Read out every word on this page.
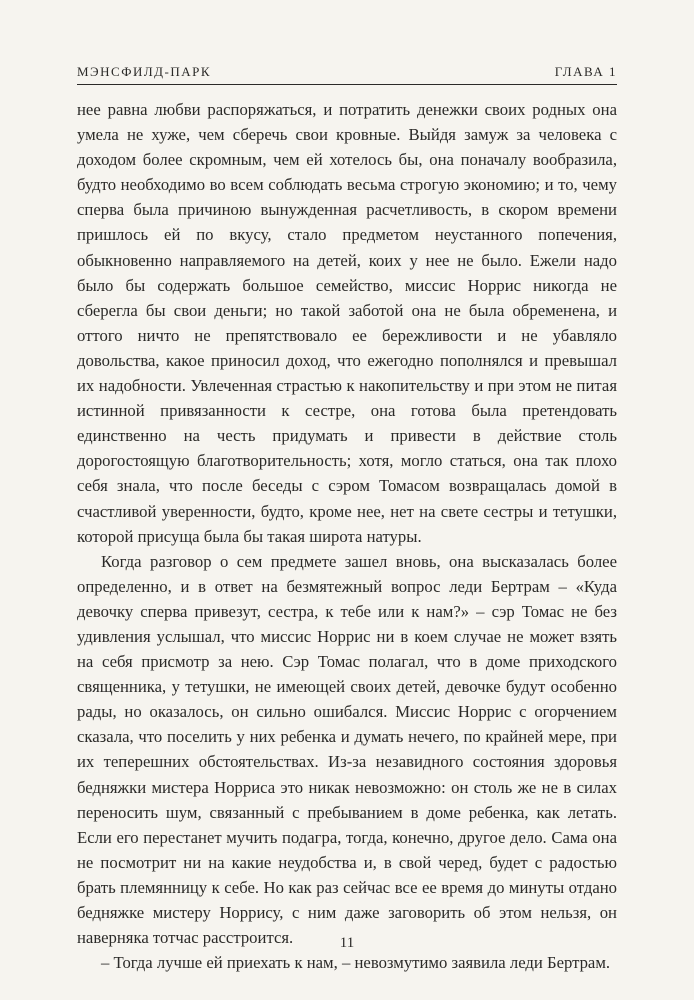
МЭНСФИЛД-ПАРК	ГЛАВА 1

нее равна любви распоряжаться, и потратить денежки своих родных она умела не хуже, чем сберечь свои кровные. Выйдя замуж за человека с доходом более скромным, чем ей хотелось бы, она поначалу вообразила, будто необходимо во всем соблюдать весьма строгую экономию; и то, чему сперва была причиною вынужденная расчетливость, в скором времени пришлось ей по вкусу, стало предметом неустанного попечения, обыкновенно направляемого на детей, коих у нее не было. Ежели надо было бы содержать большое семейство, миссис Норрис никогда не сберегла бы свои деньги; но такой заботой она не была обременена, и оттого ничто не препятствовало ее бережливости и не убавляло довольства, какое приносил доход, что ежегодно пополнялся и превышал их надобности. Увлеченная страстью к накопительству и при этом не питая истинной привязанности к сестре, она готова была претендовать единственно на честь придумать и привести в действие столь дорогостоящую благотворительность; хотя, могло статься, она так плохо себя знала, что после беседы с сэром Томасом возвращалась домой в счастливой уверенности, будто, кроме нее, нет на свете сестры и тетушки, которой присуща была бы такая широта натуры.

Когда разговор о сем предмете зашел вновь, она высказалась более определенно, и в ответ на безмятежный вопрос леди Бертрам – «Куда девочку сперва привезут, сестра, к тебе или к нам?» – сэр Томас не без удивления услышал, что миссис Норрис ни в коем случае не может взять на себя присмотр за нею. Сэр Томас полагал, что в доме приходского священника, у тетушки, не имеющей своих детей, девочке будут особенно рады, но оказалось, он сильно ошибался. Миссис Норрис с огорчением сказала, что поселить у них ребенка и думать нечего, по крайней мере, при их теперешних обстоятельствах. Из-за незавидного состояния здоровья бедняжки мистера Норриса это никак невозможно: он столь же не в силах переносить шум, связанный с пребыванием в доме ребенка, как летать. Если его перестанет мучить подагра, тогда, конечно, другое дело. Сама она не посмотрит ни на какие неудобства и, в свой черед, будет с радостью брать племянницу к себе. Но как раз сейчас все ее время до минуты отдано бедняжке мистеру Норрису, с ним даже заговорить об этом нельзя, он наверняка тотчас расстроится.

– Тогда лучше ей приехать к нам, – невозмутимо заявила леди Бертрам.

11
